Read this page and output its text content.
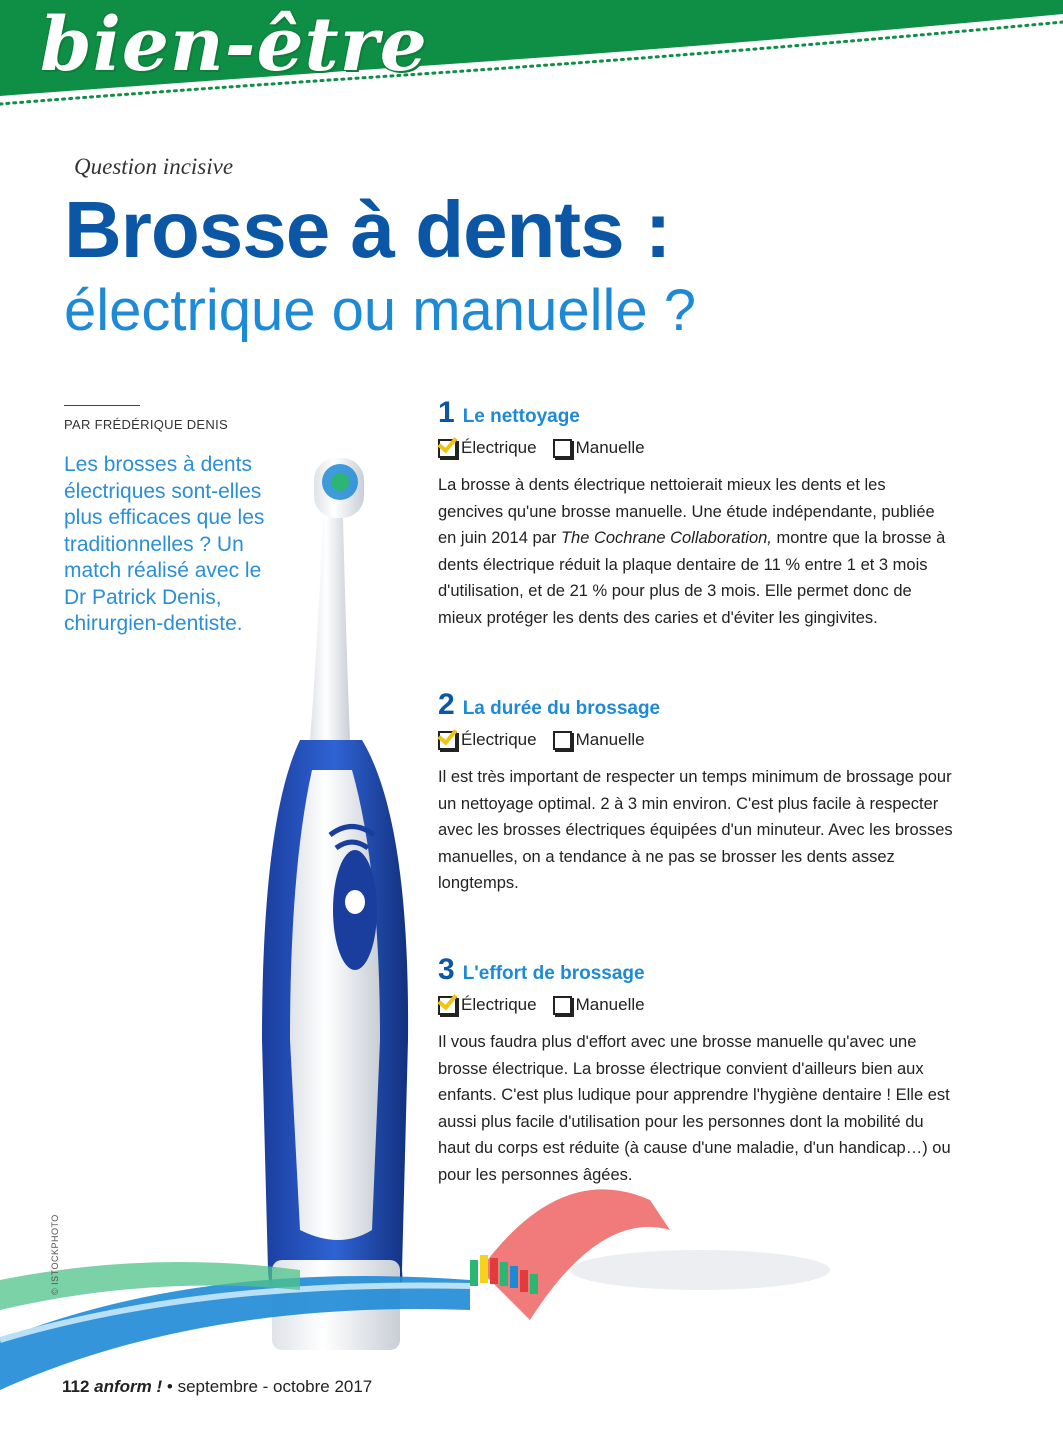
bien-être
Question incisive
Brosse à dents :
électrique ou manuelle ?
PAR FRÉDÉRIQUE DENIS

Les brosses à dents électriques sont-elles plus efficaces que les traditionnelles ? Un match réalisé avec le Dr Patrick Denis, chirurgien-dentiste.

1 Le nettoyage
Électrique Manuelle

La brosse à dents électrique nettoierait mieux les dents et les gencives qu'une brosse manuelle. Une étude indépendante, publiée en juin 2014 par The Cochrane Collaboration, montre que la brosse à dents électrique réduit la plaque dentaire de 11 % entre 1 et 3 mois d'utilisation, et de 21 % pour plus de 3 mois. Elle permet donc de mieux protéger les dents des caries et d'éviter les gingivites.

2 La durée du brossage
Électrique Manuelle

Il est très important de respecter un temps minimum de brossage pour un nettoyage optimal. 2 à 3 min environ. C'est plus facile à respecter avec les brosses électriques équipées d'un minuteur. Avec les brosses manuelles, on a tendance à ne pas se brosser les dents assez longtemps.

3 L'effort de brossage
Électrique Manuelle

Il vous faudra plus d'effort avec une brosse manuelle qu'avec une brosse électrique. La brosse électrique convient d'ailleurs bien aux enfants. C'est plus ludique pour apprendre l'hygiène dentaire ! Elle est aussi plus facile d'utilisation pour les personnes dont la mobilité du haut du corps est réduite (à cause d'une maladie, d'un handicap…) ou pour les personnes âgées.

© ISTOCKPHOTO
112 anform ! • septembre - octobre 2017
